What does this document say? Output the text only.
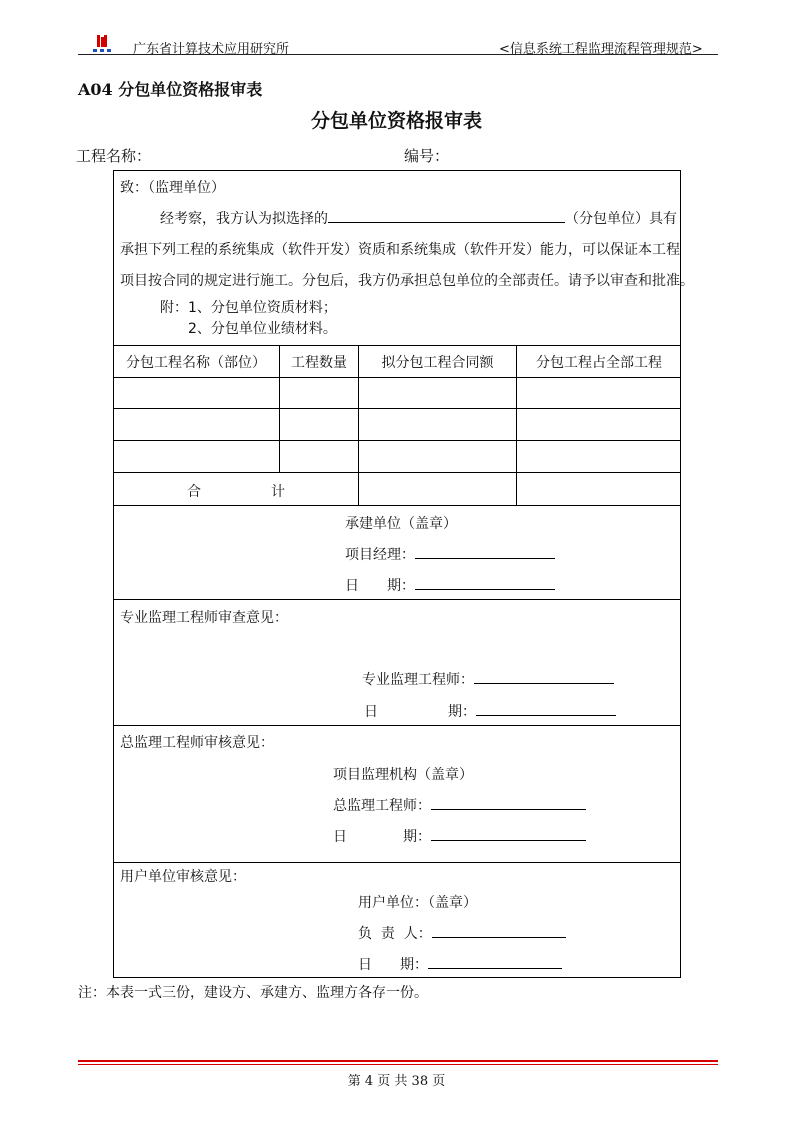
广东省计算技术应用研究所	<信息系统工程监理流程管理规范>
A04 分包单位资格报审表
分包单位资格报审表
工程名称：	编号：
致：（监理单位）
经考察，我方认为拟选择的	（分包单位）具有
承担下列工程的系统集成（软件开发）资质和系统集成（软件开发）能力，可以保证本工程
项目按合同的规定进行施工。分包后，我方仍承担总包单位的全部责任。请予以审查和批准。
附：1、分包单位资质材料；
2、分包单位业绩材料。
分包工程名称（部位）	工程数量	拟分包工程合同额	分包工程占全部工程
合	计
承建单位（盖章）
项目经理：
日 期：
专业监理工程师审查意见：
专业监理工程师：
日	期：
总监理工程师审核意见：
项目监理机构（盖章）
总监理工程师：
日	期：
用户单位审核意见：
用户单位：（盖章）
负  责  人：
日 期：
注：本表一式三份，建设方、承建方、监理方各存一份。
第 4 页 共 38 页
